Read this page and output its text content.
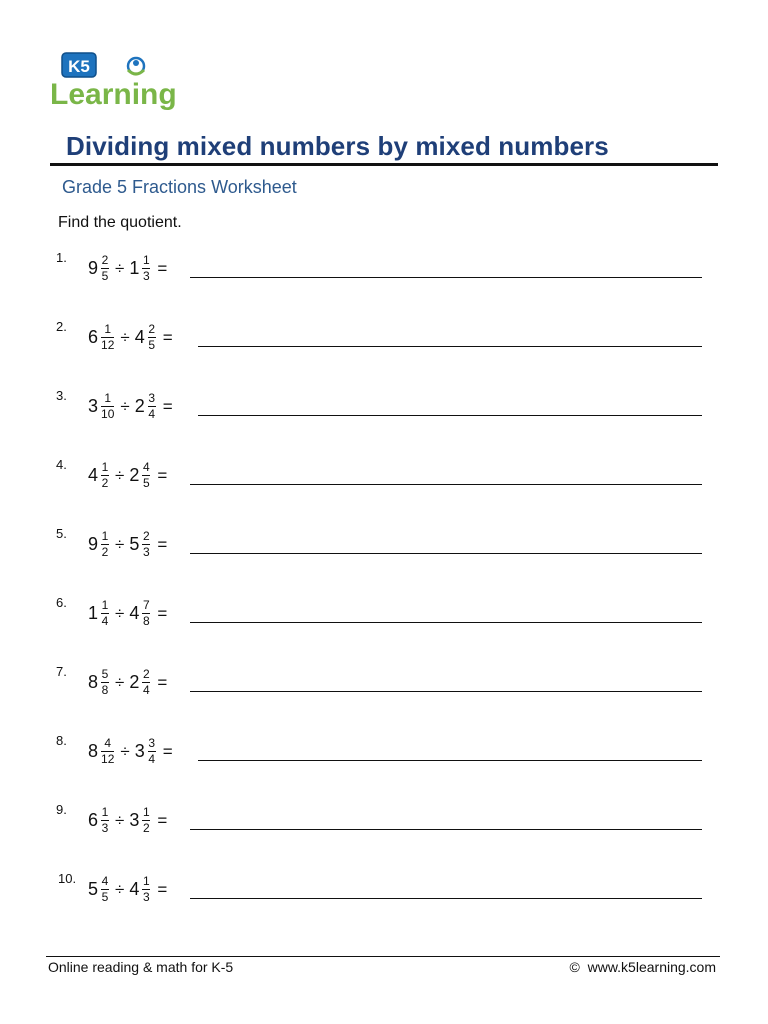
K5
Learning
Dividing mixed numbers by mixed numbers
Grade 5 Fractions Worksheet
Find the quotient.
1.
$9 \frac{2}{5} \div 1 \frac{1}{3}$ =
2.
$6 \frac{1}{12} \div 4 \frac{2}{5}$ =
3.
$3 \frac{1}{10} \div 2 \frac{3}{4}$ =
4.
$4 \frac{1}{2} \div 2 \frac{4}{5}$ =
5.
$9 \frac{1}{2} \div 5 \frac{2}{3}$ =
6.
$1 \frac{1}{4} \div 4 \frac{7}{8}$ =
7.
$8 \frac{5}{8} \div 2 \frac{2}{4}$ =
8.
$8 \frac{4}{12} \div 3 \frac{3}{4}$ =
9.
$6 \frac{1}{3} \div 3 \frac{1}{2}$ =
10.
$5 \frac{4}{5} \div 4 \frac{1}{3}$ =
Online reading & math for K-5	© www.k5learning.com
